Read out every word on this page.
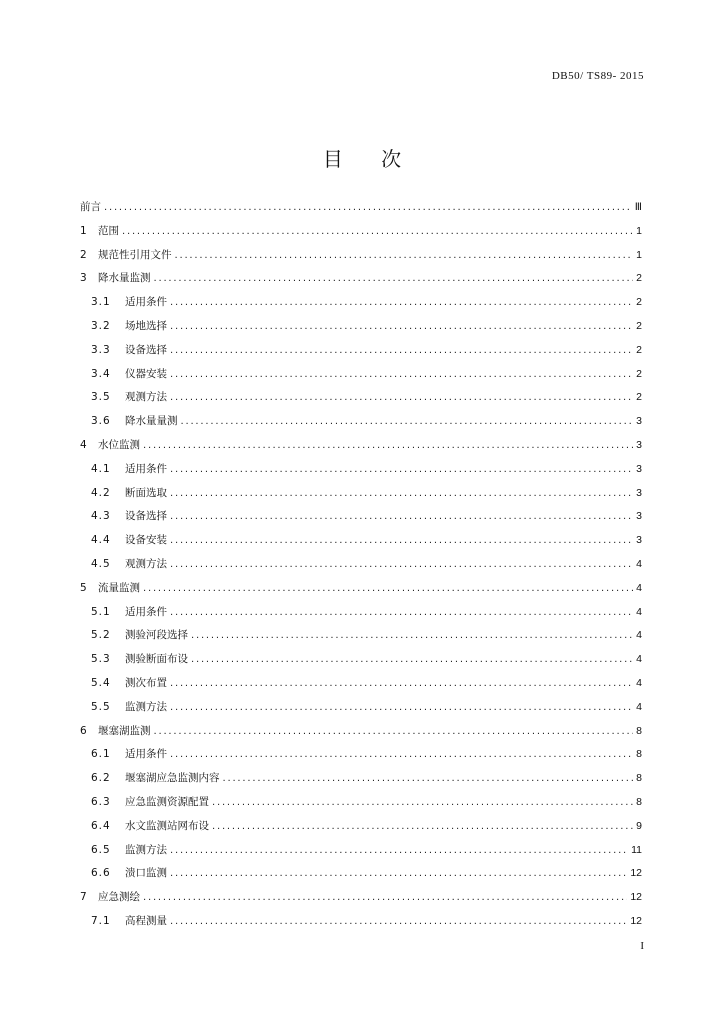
DB50/ TS89- 2015
目 次
前言 .....	Ⅲ
1 范围 .....	1
2 规范性引用文件 .....	1
3 降水量监测 .....	2
3.1	适用条件 .....	2
3.2	场地选择 .....	2
3.3	设备选择 .....	2
3.4	仪器安装 .....	2
3.5	观测方法 .....	2
3.6	降水量量测 .....	3
4 水位监测 .....	3
4.1	适用条件 .....	3
4.2	断面选取 .....	3
4.3	设备选择 .....	3
4.4	设备安装 .....	3
4.5	观测方法 .....	4
5 流量监测 .....	4
5.1	适用条件 .....	4
5.2	测验河段选择 .....	4
5.3	测验断面布设 .....	4
5.4	测次布置 .....	4
5.5	监测方法 .....	4
6 堰塞湖监测 .....	8
6.1	适用条件 .....	8
6.2	堰塞湖应急监测内容 .....	8
6.3	应急监测资源配置 .....	8
6.4	水文监测站网布设 .....	9
6.5	监测方法 .....	11
6.6	溃口监测 .....	12
7 应急测绘 .....	12
7.1	高程测量 .....	12
I
